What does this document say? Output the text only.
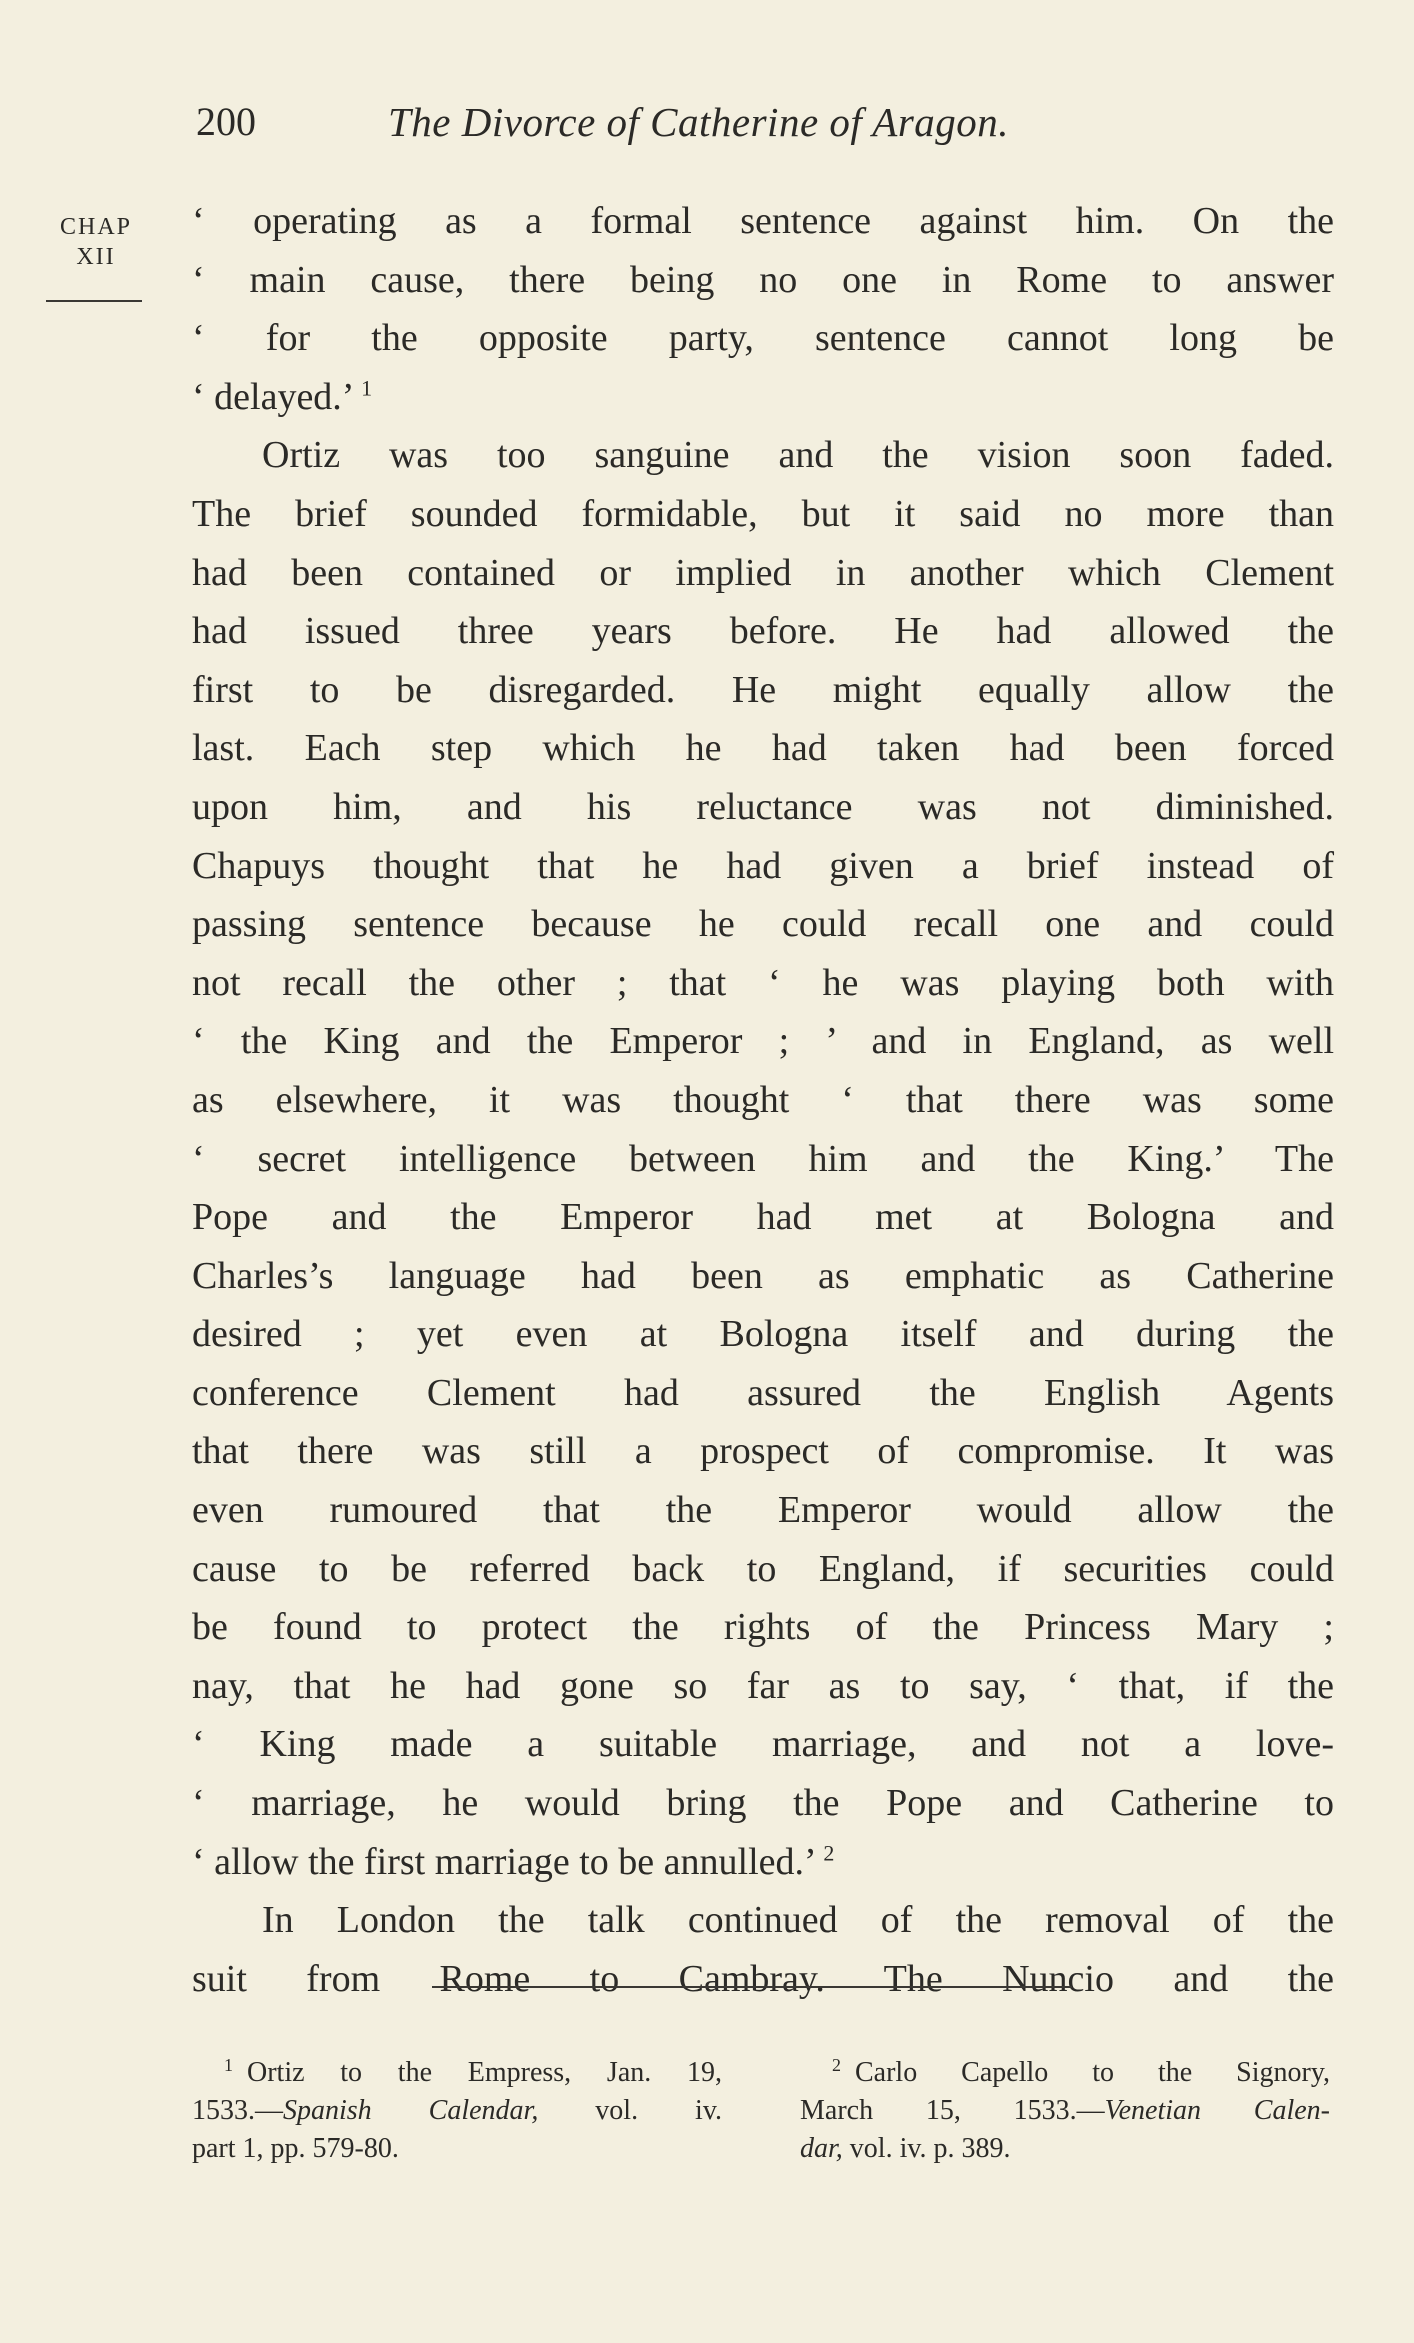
200	The Divorce of Catherine of Aragon.
CHAP
XII
‘ operating as a formal sentence against him. On the
‘ main cause, there being no one in Rome to answer
‘ for the opposite party, sentence cannot long be
‘ delayed.’ $^1$
Ortiz was too sanguine and the vision soon faded.
The brief sounded formidable, but it said no more than
had been contained or implied in another which Clement
had issued three years before. He had allowed the
first to be disregarded. He might equally allow the
last. Each step which he had taken had been forced
upon him, and his reluctance was not diminished.
Chapuys thought that he had given a brief instead of
passing sentence because he could recall one and could
not recall the other ; that ‘ he was playing both with
‘ the King and the Emperor ; ’ and in England, as well
as elsewhere, it was thought ‘ that there was some
‘ secret intelligence between him and the King.’ The
Pope and the Emperor had met at Bologna and
Charles’s language had been as emphatic as Catherine
desired ; yet even at Bologna itself and during the
conference Clement had assured the English Agents
that there was still a prospect of compromise. It was
even rumoured that the Emperor would allow the
cause to be referred back to England, if securities could
be found to protect the rights of the Princess Mary ;
nay, that he had gone so far as to say, ‘ that, if the
‘ King made a suitable marriage, and not a love-
‘ marriage, he would bring the Pope and Catherine to
‘ allow the first marriage to be annulled.’ $^2$
In London the talk continued of the removal of the
suit from Rome to Cambray. The Nuncio and the
$^1$ Ortiz to the Empress, Jan. 19,
1533.—Spanish Calendar, vol. iv.
part 1, pp. 579-80.
$^2$ Carlo Capello to the Signory,
March 15, 1533.—Venetian Calen-
dar, vol. iv. p. 389.
